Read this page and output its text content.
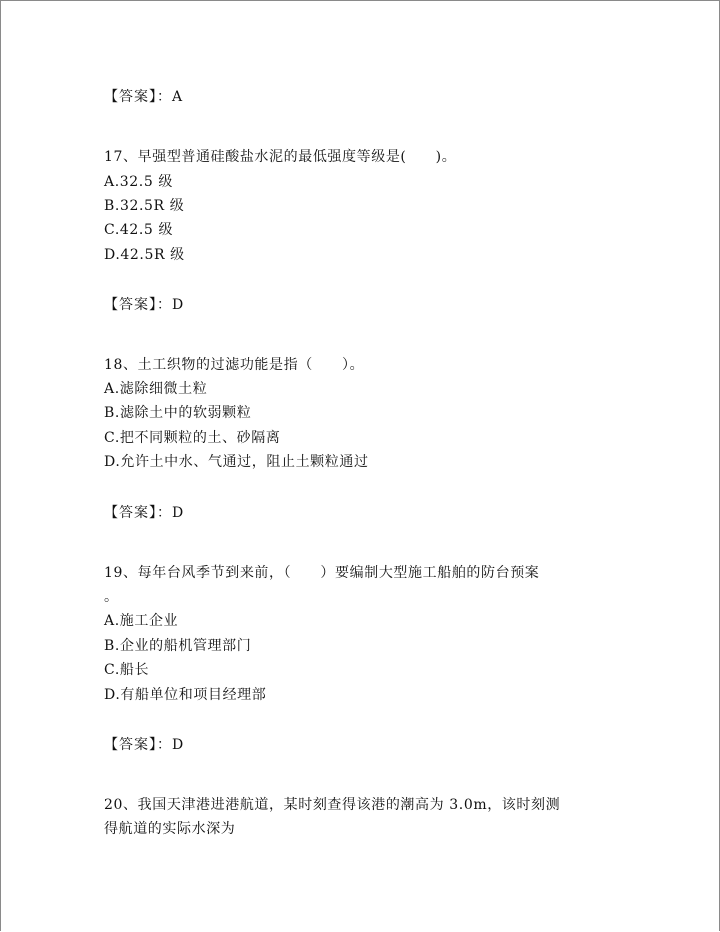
【答案】：A
17、早强型普通硅酸盐水泥的最低强度等级是(　　)。
A.32.5 级
B.32.5R 级
C.42.5 级
D.42.5R 级
【答案】：D
18、土工织物的过滤功能是指（　　）。
A.滤除细微土粒
B.滤除土中的软弱颗粒
C.把不同颗粒的土、砂隔离
D.允许土中水、气通过，阻止土颗粒通过
【答案】：D
19、每年台风季节到来前，（　　）要编制大型施工船舶的防台预案
。
A.施工企业
B.企业的船机管理部门
C.船长
D.有船单位和项目经理部
【答案】：D
20、我国天津港进港航道，某时刻查得该港的潮高为 3.0m，该时刻测
得航道的实际水深为
